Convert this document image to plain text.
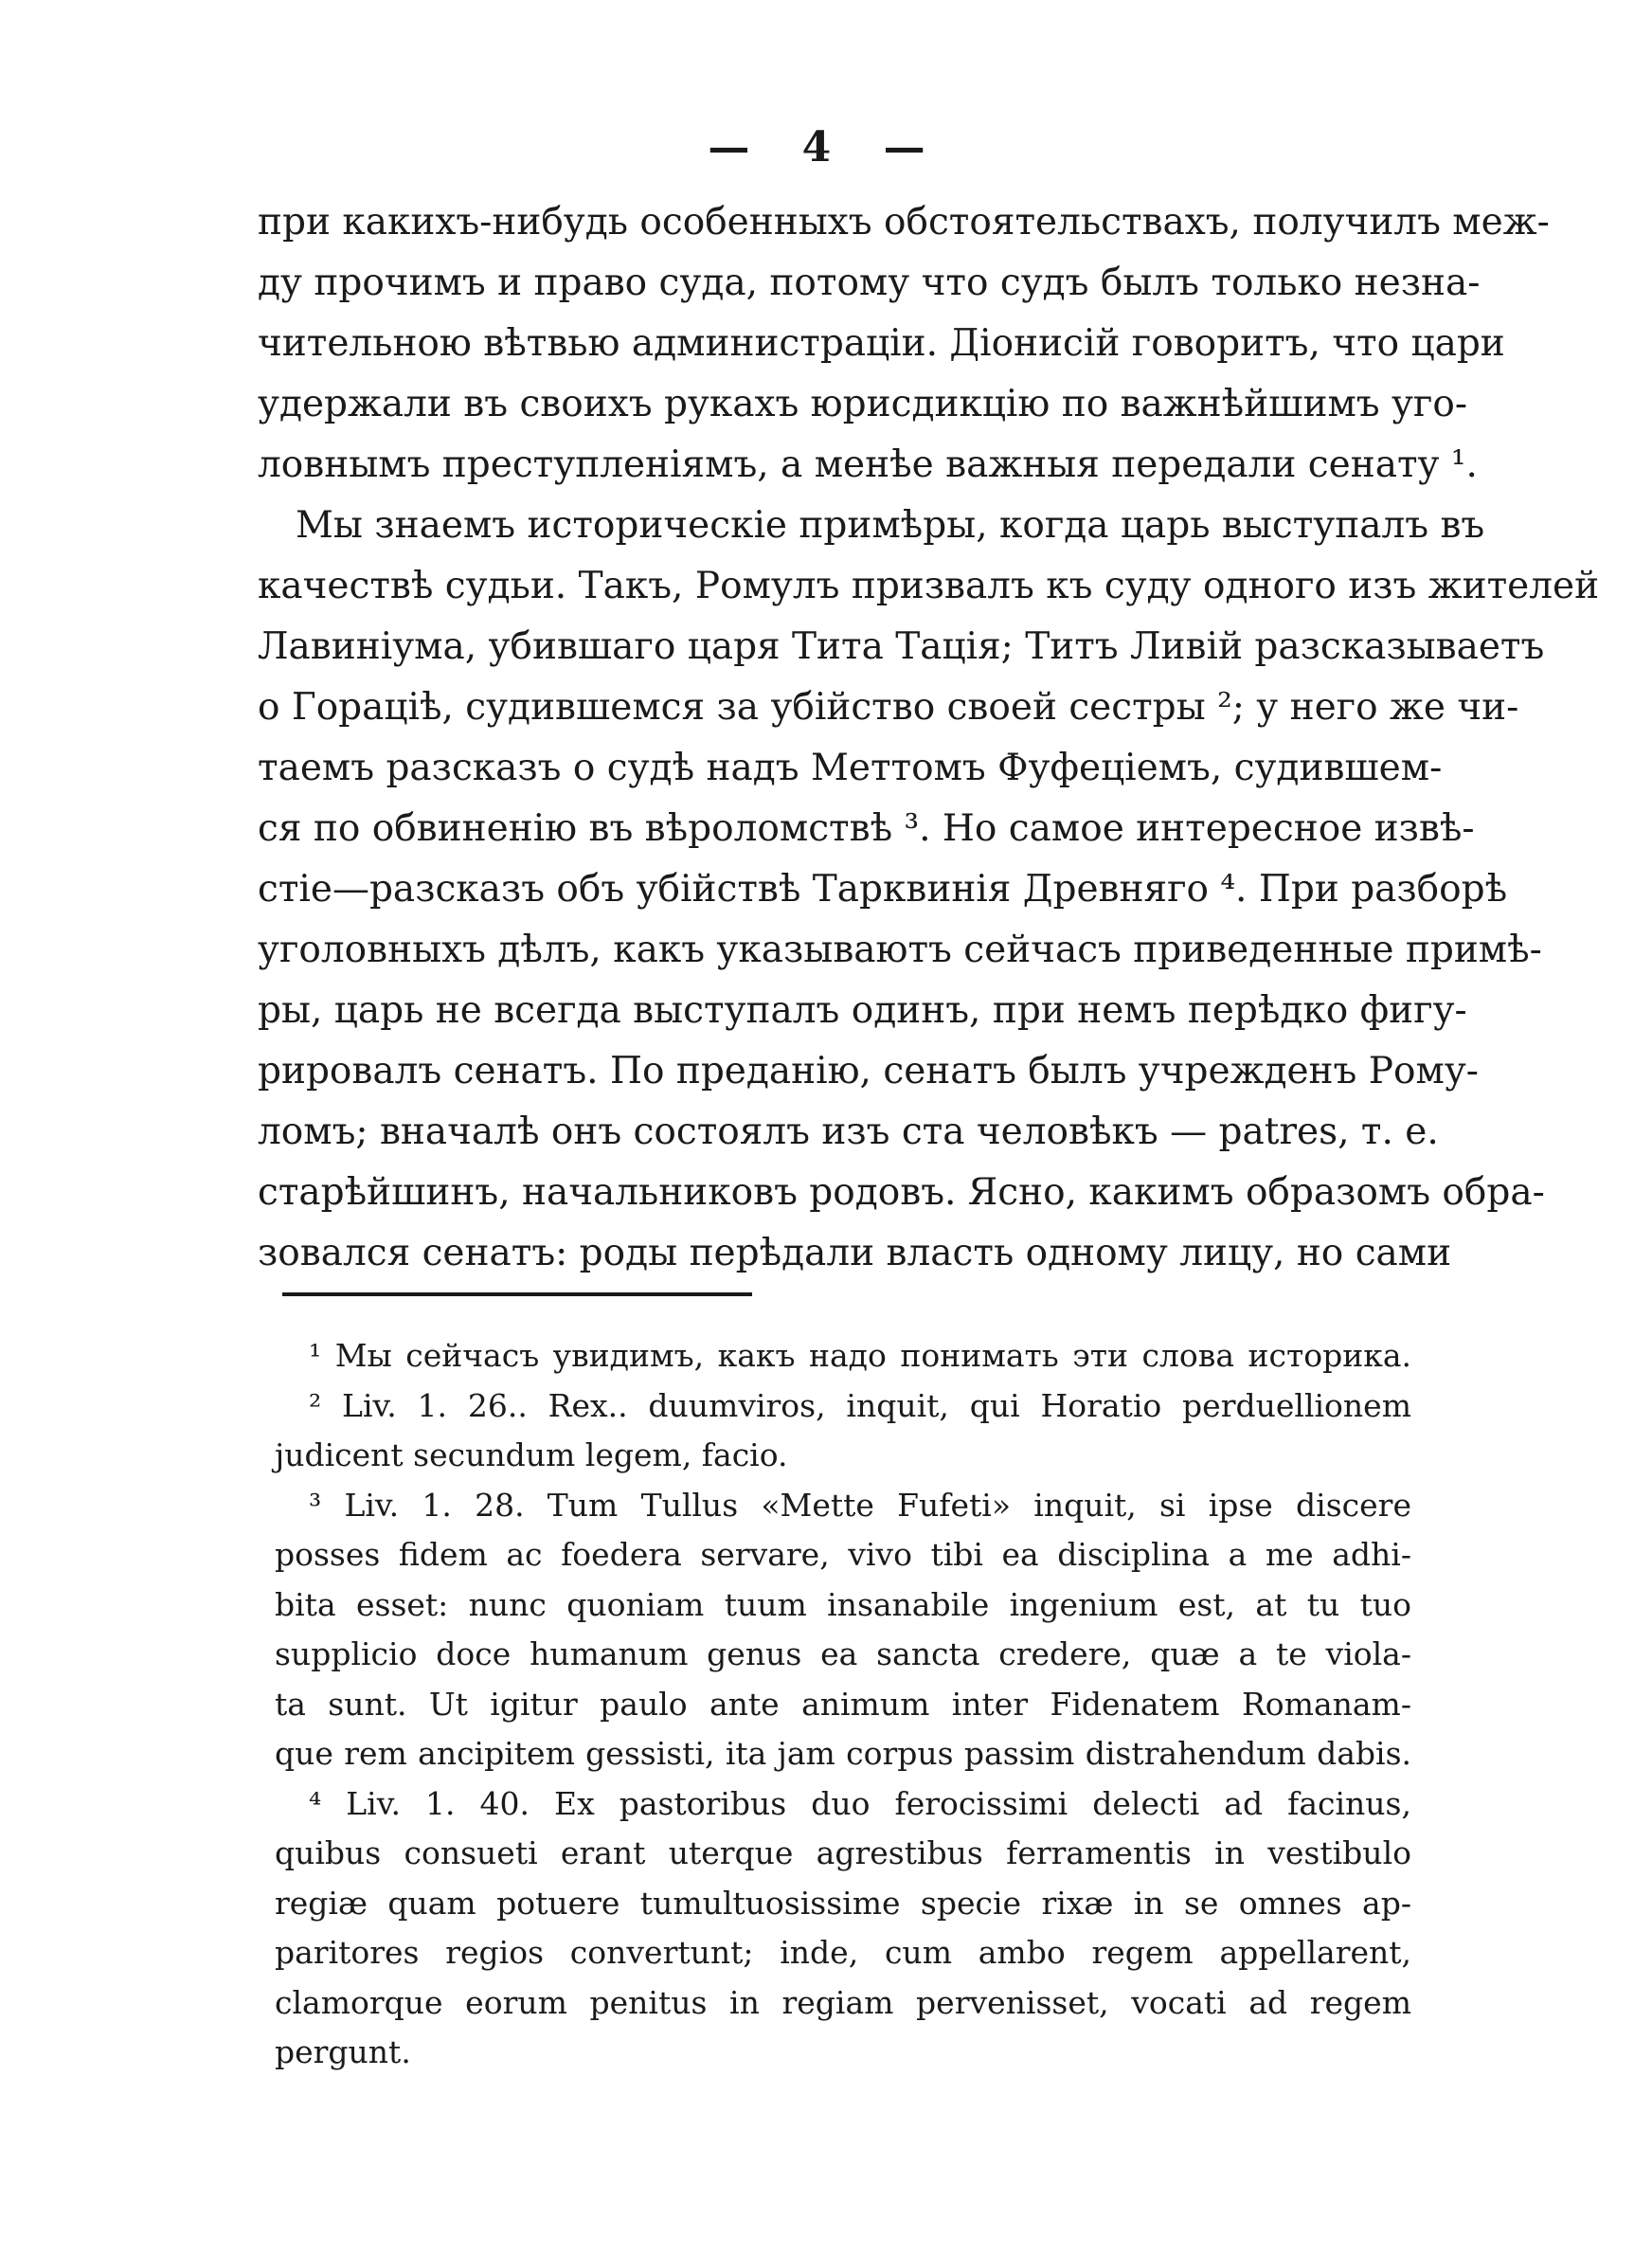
— 4 —
при какихъ-нибудь особенныхъ обстоятельствахъ, получилъ меж-
ду прочимъ и право суда, потому что судъ былъ только незна-
чительною вѣтвью администраціи. Діонисій говоритъ, что цари
удержали въ своихъ рукахъ юрисдикцію по важнѣйшимъ уго-
ловнымъ преступленіямъ, а менѣе важныя передали сенату ¹.
Мы знаемъ историческіе примѣры, когда царь выступалъ въ
качествѣ судьи. Такъ, Ромулъ призвалъ къ суду одного изъ жителей
Лавиніума, убившаго царя Тита Тація; Титъ Ливій разсказываетъ
о Гораціѣ, судившемся за убійство своей сестры ²; у него же чи-
таемъ разсказъ о судѣ надъ Меттомъ Фуфеціемъ, судившем-
ся по обвиненію въ вѣроломствѣ ³. Но самое интересное извѣ-
стіе—разсказъ объ убійствѣ Тарквинія Древняго ⁴. При разборѣ
уголовныхъ дѣлъ, какъ указываютъ сейчасъ приведенные примѣ-
ры, царь не всегда выступалъ одинъ, при немъ перѣдко фигу-
рировалъ сенатъ. По преданію, сенатъ былъ учрежденъ Рому-
ломъ; вначалѣ онъ состоялъ изъ ста человѣкъ — patres, т. е.
старѣйшинъ, начальниковъ родовъ. Ясно, какимъ образомъ обра-
зовался сенатъ: роды перѣдали власть одному лицу, но сами
¹ Мы сейчасъ увидимъ, какъ надо понимать эти слова историка.
² Liv. 1. 26.. Rex.. duumviros, inquit, qui Horatio perduellionem
judicent secundum legem, facio.
³ Liv. 1. 28. Tum Tullus «Mette Fufeti» inquit, si ipse discere
posses fidem ac foedera servare, vivo tibi ea disciplina a me adhi-
bita esset: nunc quoniam tuum insanabile ingenium est, at tu tuo
supplicio doce humanum genus ea sancta credere, quæ a te viola-
ta sunt. Ut igitur paulo ante animum inter Fidenatem Romanam-
que rem ancipitem gessisti, ita jam corpus passim distrahendum dabis.
⁴ Liv. 1. 40. Ex pastoribus duo ferocissimi delecti ad facinus,
quibus consueti erant uterque agrestibus ferramentis in vestibulo
regiæ quam potuere tumultuosissime specie rixæ in se omnes ap-
paritores regios convertunt; inde, cum ambo regem appellarent,
clamorque eorum penitus in regiam pervenisset, vocati ad regem
pergunt.
